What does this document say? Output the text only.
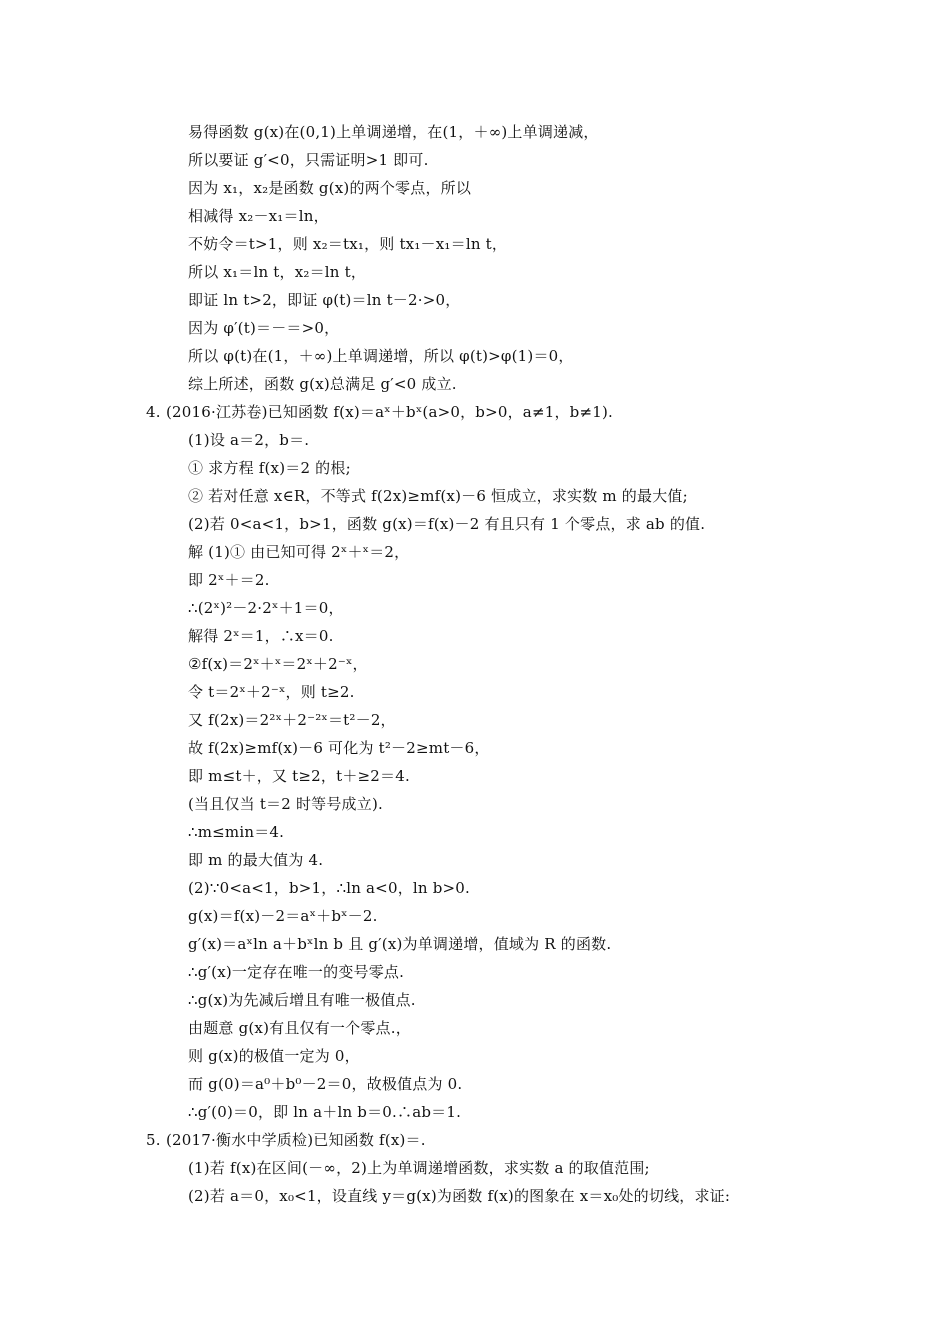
易得函数 g(x)在(0,1)上单调递增，在(1，＋∞)上单调递减，
所以要证 g′<0，只需证明>1 即可.
因为 x₁，x₂是函数 g(x)的两个零点，所以
相减得 x₂－x₁＝ln，
不妨令＝t>1，则 x₂＝tx₁，则 tx₁－x₁＝ln t，
所以 x₁＝ln t，x₂＝ln t，
即证 ln t>2，即证 φ(t)＝ln t－2·>0，
因为 φ′(t)＝－＝>0，
所以 φ(t)在(1，＋∞)上单调递增，所以 φ(t)>φ(1)＝0，
综上所述，函数 g(x)总满足 g′<0 成立.
4. (2016·江苏卷)已知函数 f(x)＝aˣ＋bˣ(a>0，b>0，a≠1，b≠1).
(1)设 a＝2，b＝.
① 求方程 f(x)＝2 的根;
② 若对任意 x∈R，不等式 f(2x)≥mf(x)－6 恒成立，求实数 m 的最大值;
(2)若 0<a<1，b>1，函数 g(x)＝f(x)－2 有且只有 1 个零点，求 ab 的值.
解 (1)① 由已知可得 2ˣ＋ˣ＝2，
即 2ˣ＋＝2.
∴(2ˣ)²－2·2ˣ＋1＝0，
解得 2ˣ＝1，∴x＝0.
②f(x)＝2ˣ＋ˣ＝2ˣ＋2⁻ˣ，
令 t＝2ˣ＋2⁻ˣ，则 t≥2.
又 f(2x)＝2²ˣ＋2⁻²ˣ＝t²－2，
故 f(2x)≥mf(x)－6 可化为 t²－2≥mt－6，
即 m≤t＋，又 t≥2，t＋≥2＝4.
(当且仅当 t＝2 时等号成立).
∴m≤min＝4.
即 m 的最大值为 4.
(2)∵0<a<1，b>1，∴ln a<0，ln b>0.
g(x)＝f(x)－2＝aˣ＋bˣ－2.
g′(x)＝aˣln a＋bˣln b 且 g′(x)为单调递增，值域为 R 的函数.
∴g′(x)一定存在唯一的变号零点.
∴g(x)为先减后增且有唯一极值点.
由题意 g(x)有且仅有一个零点.，
则 g(x)的极值一定为 0，
而 g(0)＝a⁰＋b⁰－2＝0，故极值点为 0.
∴g′(0)＝0，即 ln a＋ln b＝0.∴ab＝1.
5. (2017·衡水中学质检)已知函数 f(x)＝.
(1)若 f(x)在区间(－∞，2)上为单调递增函数，求实数 a 的取值范围;
(2)若 a＝0，x₀<1，设直线 y＝g(x)为函数 f(x)的图象在 x＝x₀处的切线，求证:
